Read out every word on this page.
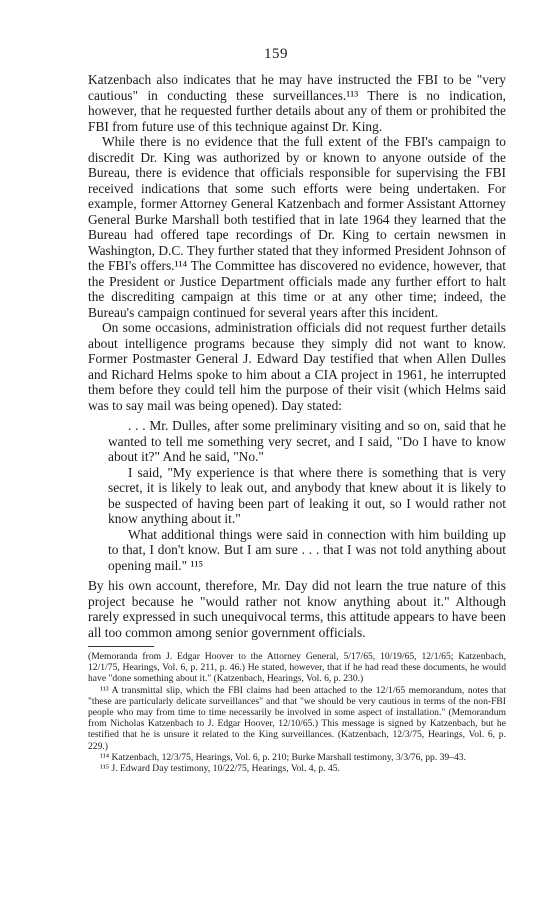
159

Katzenbach also indicates that he may have instructed the FBI to be "very cautious" in conducting these surveillances.¹¹³ There is no indication, however, that he requested further details about any of them or prohibited the FBI from future use of this technique against Dr. King.

While there is no evidence that the full extent of the FBI's campaign to discredit Dr. King was authorized by or known to anyone outside of the Bureau, there is evidence that officials responsible for supervising the FBI received indications that some such efforts were being undertaken. For example, former Attorney General Katzenbach and former Assistant Attorney General Burke Marshall both testified that in late 1964 they learned that the Bureau had offered tape recordings of Dr. King to certain newsmen in Washington, D.C. They further stated that they informed President Johnson of the FBI's offers.¹¹⁴ The Committee has discovered no evidence, however, that the President or Justice Department officials made any further effort to halt the discrediting campaign at this time or at any other time; indeed, the Bureau's campaign continued for several years after this incident.

On some occasions, administration officials did not request further details about intelligence programs because they simply did not want to know. Former Postmaster General J. Edward Day testified that when Allen Dulles and Richard Helms spoke to him about a CIA project in 1961, he interrupted them before they could tell him the purpose of their visit (which Helms said was to say mail was being opened). Day stated:

. . . Mr. Dulles, after some preliminary visiting and so on, said that he wanted to tell me something very secret, and I said, "Do I have to know about it?" And he said, "No."

I said, "My experience is that where there is something that is very secret, it is likely to leak out, and anybody that knew about it is likely to be suspected of having been part of leaking it out, so I would rather not know anything about it."

What additional things were said in connection with him building up to that, I don't know. But I am sure . . . that I was not told anything about opening mail." ¹¹⁵

By his own account, therefore, Mr. Day did not learn the true nature of this project because he "would rather not know anything about it." Although rarely expressed in such unequivocal terms, this attitude appears to have been all too common among senior government officials.

(Memoranda from J. Edgar Hoover to the Attorney General, 5/17/65, 10/19/65, 12/1/65; Katzenbach, 12/1/75, Hearings, Vol. 6, p. 211, p. 46.) He stated, however, that if he had read these documents, he would have "done something about it." (Katzenbach, Hearings, Vol. 6, p. 230.)

¹¹³ A transmittal slip, which the FBI claims had been attached to the 12/1/65 memorandum, notes that "these are particularly delicate surveillances" and that "we should be very cautious in terms of the non-FBI people who may from time to time necessarily be involved in some aspect of installation." (Memorandum from Nicholas Katzenbach to J. Edgar Hoover, 12/10/65.) This message is signed by Katzenbach, but he testified that he is unsure it related to the King surveillances. (Katzenbach, 12/3/75, Hearings, Vol. 6, p. 229.)

¹¹⁴ Katzenbach, 12/3/75, Hearings, Vol. 6, p. 210; Burke Marshall testimony, 3/3/76, pp. 39–43.

¹¹⁵ J. Edward Day testimony, 10/22/75, Hearings, Vol. 4, p. 45.
